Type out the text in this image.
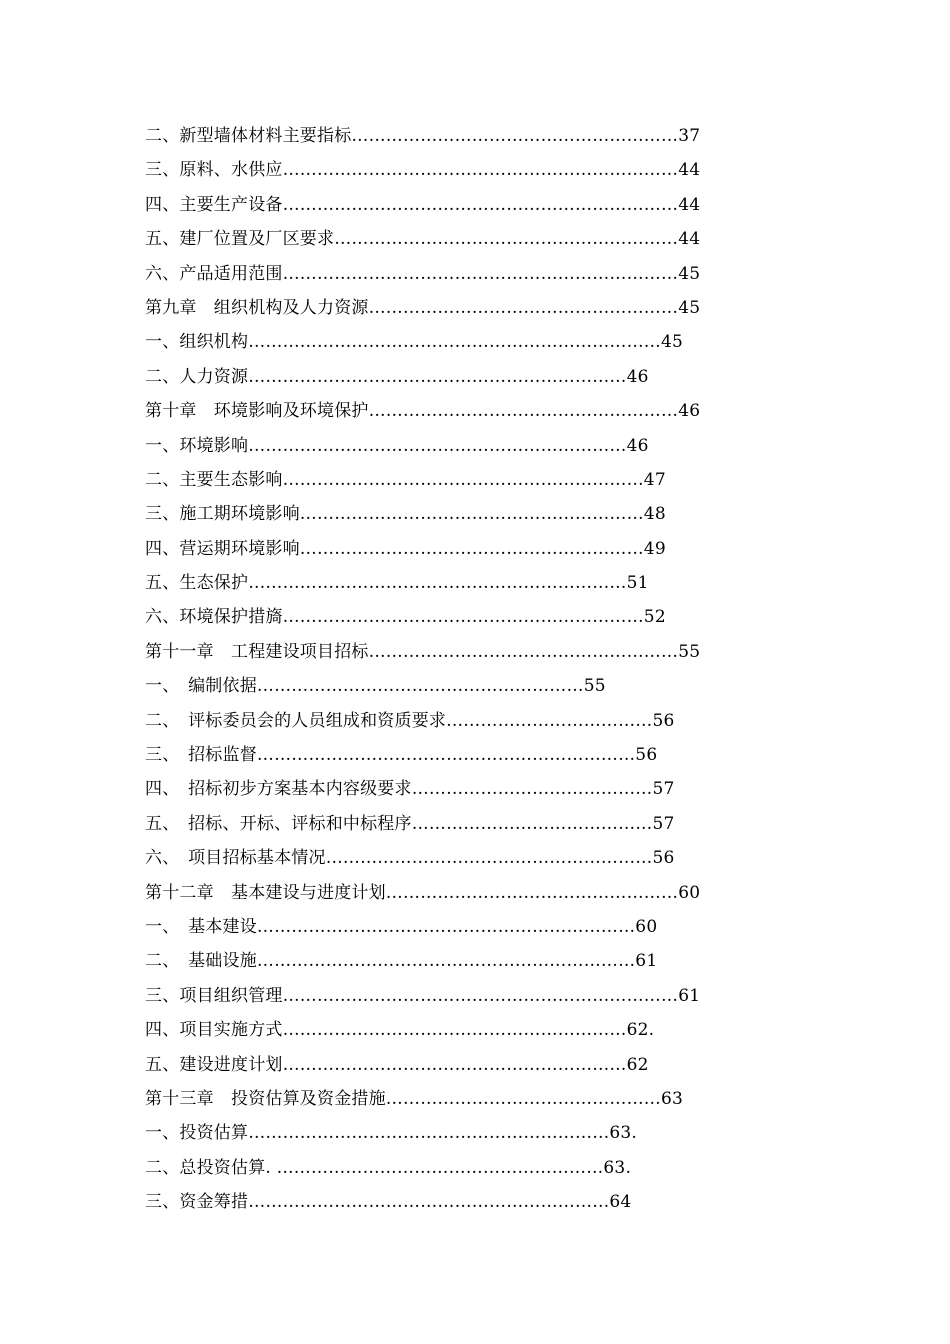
二、新型墙体材料主要指标…………………………………………………37
三、原料、水供应……………………………………………………………44
四、主要生产设备……………………………………………………………44
五、建厂位置及厂区要求……………………………………………………44
六、产品适用范围……………………………………………………………45
第九章　组织机构及人力资源………………………………………………45
一、组织机构………………………………………………………………45
二、人力资源…………………………………………………………46
第十章　环境影响及环境保护………………………………………………46
一、环境影响…………………………………………………………46
二、主要生态影响………………………………………………………47
三、施工期环境影响……………………………………………………48
四、营运期环境影响……………………………………………………49
五、生态保护…………………………………………………………51
六、环境保护措旖………………………………………………………52
第十一章　工程建设项目招标………………………………………………55
一、　编制依据…………………………………………………55
二、　评标委员会的人员组成和资质要求………………………………56
三、　招标监督…………………………………………………………56
四、　招标初步方案基本内容级要求……………………………………57
五、　招标、开标、评标和中标程序……………………………………57
六、　项目招标基本情况…………………………………………………56
第十二章　基本建设与进度计划……………………………………………60
一、　基本建设…………………………………………………………60
二、　基础设施…………………………………………………………61
三、项目组织管理……………………………………………………………61
四、项目实施方式……………………………………………………62.
五、建设进度计划……………………………………………………62
第十三章　投资估算及资金措施…………………………………………63
一、投资估算………………………………………………………63.
二、总投资估算. …………………………………………………63.
三、资金筹措………………………………………………………64
